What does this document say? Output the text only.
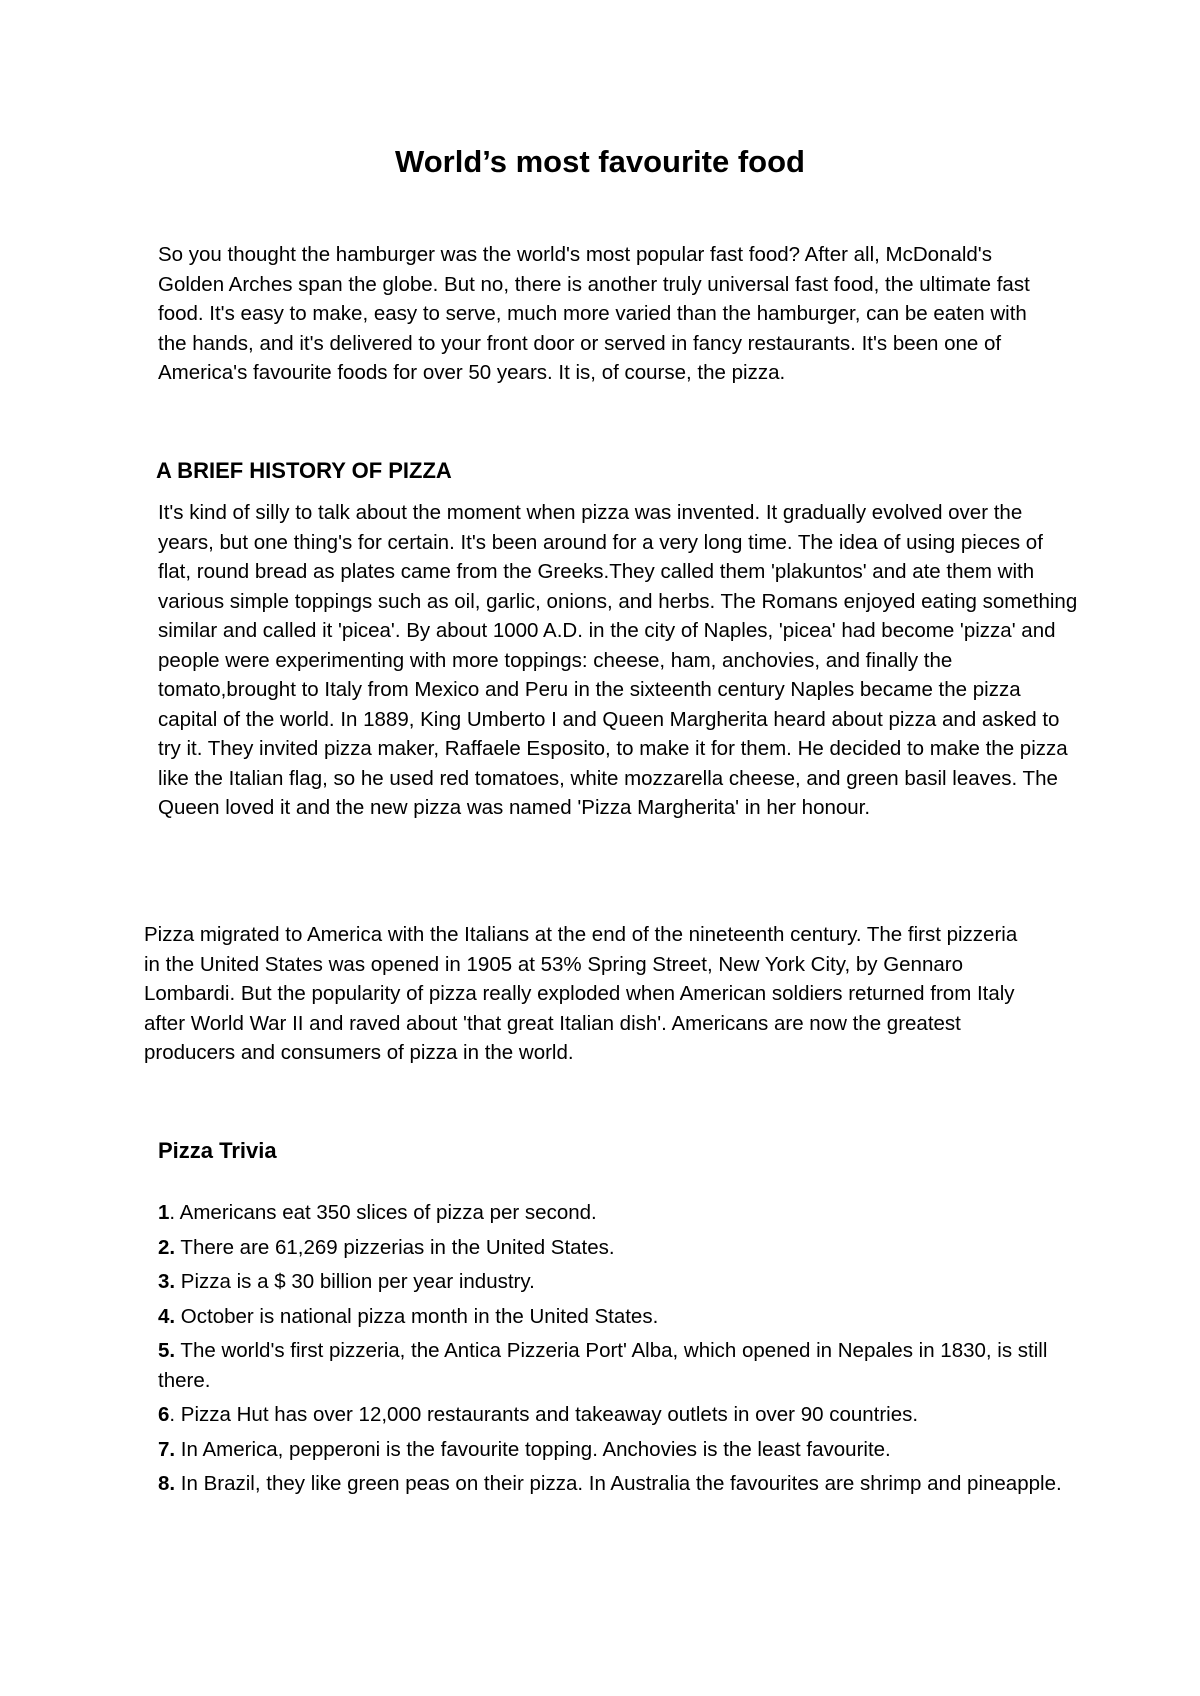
World’s most favourite food

So you thought the hamburger was the world's most popular fast food? After all, McDonald's Golden Arches span the globe. But no, there is another truly universal fast food, the ultimate fast food. It's easy to make, easy to serve, much more varied than the hamburger, can be eaten with the hands, and it's delivered to your front door or served in fancy restaurants. It's been one of America's favourite foods for over 50 years. It is, of course, the pizza.

A BRIEF HISTORY OF PIZZA

It's kind of silly to talk about the moment when pizza was invented. It gradually evolved over the years, but one thing's for certain. It's been around for a very long time. The idea of using pieces of flat, round bread as plates came from the Greeks.They called them 'plakuntos' and ate them with various simple toppings such as oil, garlic, onions, and herbs. The Romans enjoyed eating something similar and called it 'picea'. By about 1000 A.D. in the city of Naples, 'picea' had become 'pizza' and people were experimenting with more toppings: cheese, ham, anchovies, and finally the tomato,brought to Italy from Mexico and Peru in the sixteenth century Naples became the pizza capital of the world. In 1889, King Umberto I and Queen Margherita heard about pizza and asked to try it. They invited pizza maker, Raffaele Esposito, to make it for them. He decided to make the pizza like the Italian flag, so he used red tomatoes, white mozzarella cheese, and green basil leaves. The Queen loved it and the new pizza was named 'Pizza Margherita' in her honour.

Pizza migrated to America with the Italians at the end of the nineteenth century. The first pizzeria in the United States was opened in 1905 at 53% Spring Street, New York City, by Gennaro Lombardi. But the popularity of pizza really exploded when American soldiers returned from Italy after World War II and raved about 'that great Italian dish'. Americans are now the greatest producers and consumers of pizza in the world.

Pizza Trivia
1. Americans eat 350 slices of pizza per second.
2. There are 61,269 pizzerias in the United States.
3. Pizza is a $ 30 billion per year industry.
4. October is national pizza month in the United States.
5. The world's first pizzeria, the Antica Pizzeria Port' Alba, which opened in Nepales in 1830, is still there.
6. Pizza Hut has over 12,000 restaurants and takeaway outlets in over 90 countries.
7. In America, pepperoni is the favourite topping. Anchovies is the least favourite.
8. In Brazil, they like green peas on their pizza. In Australia the favourites are shrimp and pineapple.
